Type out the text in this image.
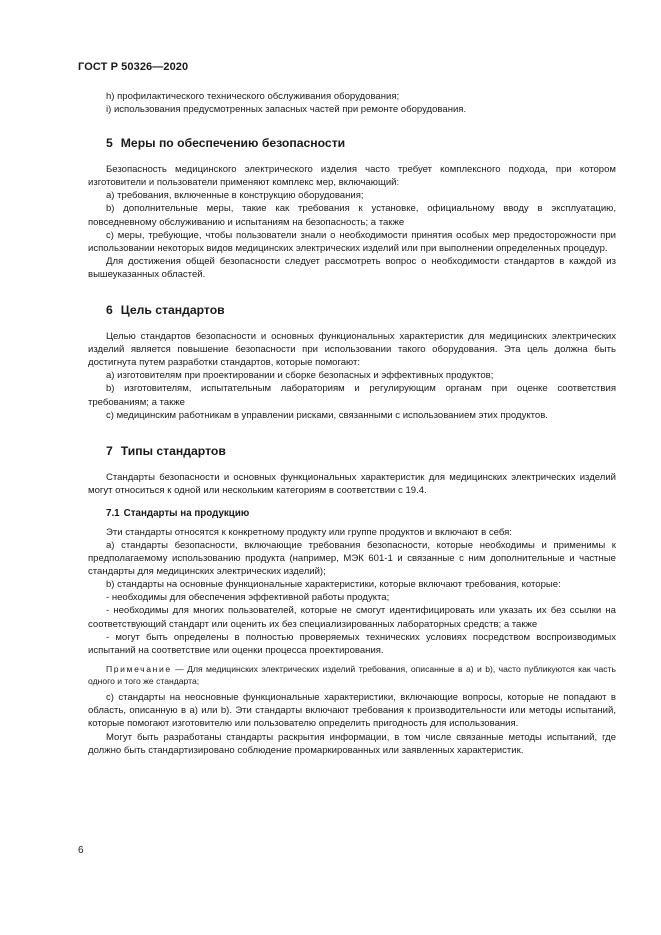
ГОСТ Р 50326—2020

h) профилактического технического обслуживания оборудования;

i) использования предусмотренных запасных частей при ремонте оборудования.

5 Меры по обеспечению безопасности

Безопасность медицинского электрического изделия часто требует комплексного подхода, при котором изготовители и пользователи применяют комплекс мер, включающий:

a) требования, включенные в конструкцию оборудования;

b) дополнительные меры, такие как требования к установке, официальному вводу в эксплуатацию, повседневному обслуживанию и испытаниям на безопасность; а также

c) меры, требующие, чтобы пользователи знали о необходимости принятия особых мер предосторожности при использовании некоторых видов медицинских электрических изделий или при выполнении определенных процедур.

Для достижения общей безопасности следует рассмотреть вопрос о необходимости стандартов в каждой из вышеуказанных областей.

6 Цель стандартов

Целью стандартов безопасности и основных функциональных характеристик для медицинских электрических изделий является повышение безопасности при использовании такого оборудования. Эта цель должна быть достигнута путем разработки стандартов, которые помогают:

a) изготовителям при проектировании и сборке безопасных и эффективных продуктов;

b) изготовителям, испытательным лабораториям и регулирующим органам при оценке соответствия требованиям; а также

c) медицинским работникам в управлении рисками, связанными с использованием этих продуктов.

7 Типы стандартов

Стандарты безопасности и основных функциональных характеристик для медицинских электрических изделий могут относиться к одной или нескольким категориям в соответствии с 19.4.

7.1 Стандарты на продукцию

Эти стандарты относятся к конкретному продукту или группе продуктов и включают в себя:

a) стандарты безопасности, включающие требования безопасности, которые необходимы и применимы к предполагаемому использованию продукта (например, МЭК 601-1 и связанные с ним дополнительные и частные стандарты для медицинских электрических изделий);

b) стандарты на основные функциональные характеристики, которые включают требования, которые:

- необходимы для обеспечения эффективной работы продукта;

- необходимы для многих пользователей, которые не смогут идентифицировать или указать их без ссылки на соответствующий стандарт или оценить их без специализированных лабораторных средств; а также

- могут быть определены в полностью проверяемых технических условиях посредством воспроизводимых испытаний на соответствие или оценки процесса проектирования.

Примечание — Для медицинских электрических изделий требования, описанные в a) и b), часто публикуются как часть одного и того же стандарта;

c) стандарты на неосновные функциональные характеристики, включающие вопросы, которые не попадают в область, описанную в a) или b). Эти стандарты включают требования к производительности или методы испытаний, которые помогают изготовителю или пользователю определить пригодность для использования.

Могут быть разработаны стандарты раскрытия информации, в том числе связанные методы испытаний, где должно быть стандартизировано соблюдение промаркированных или заявленных характеристик.

6
